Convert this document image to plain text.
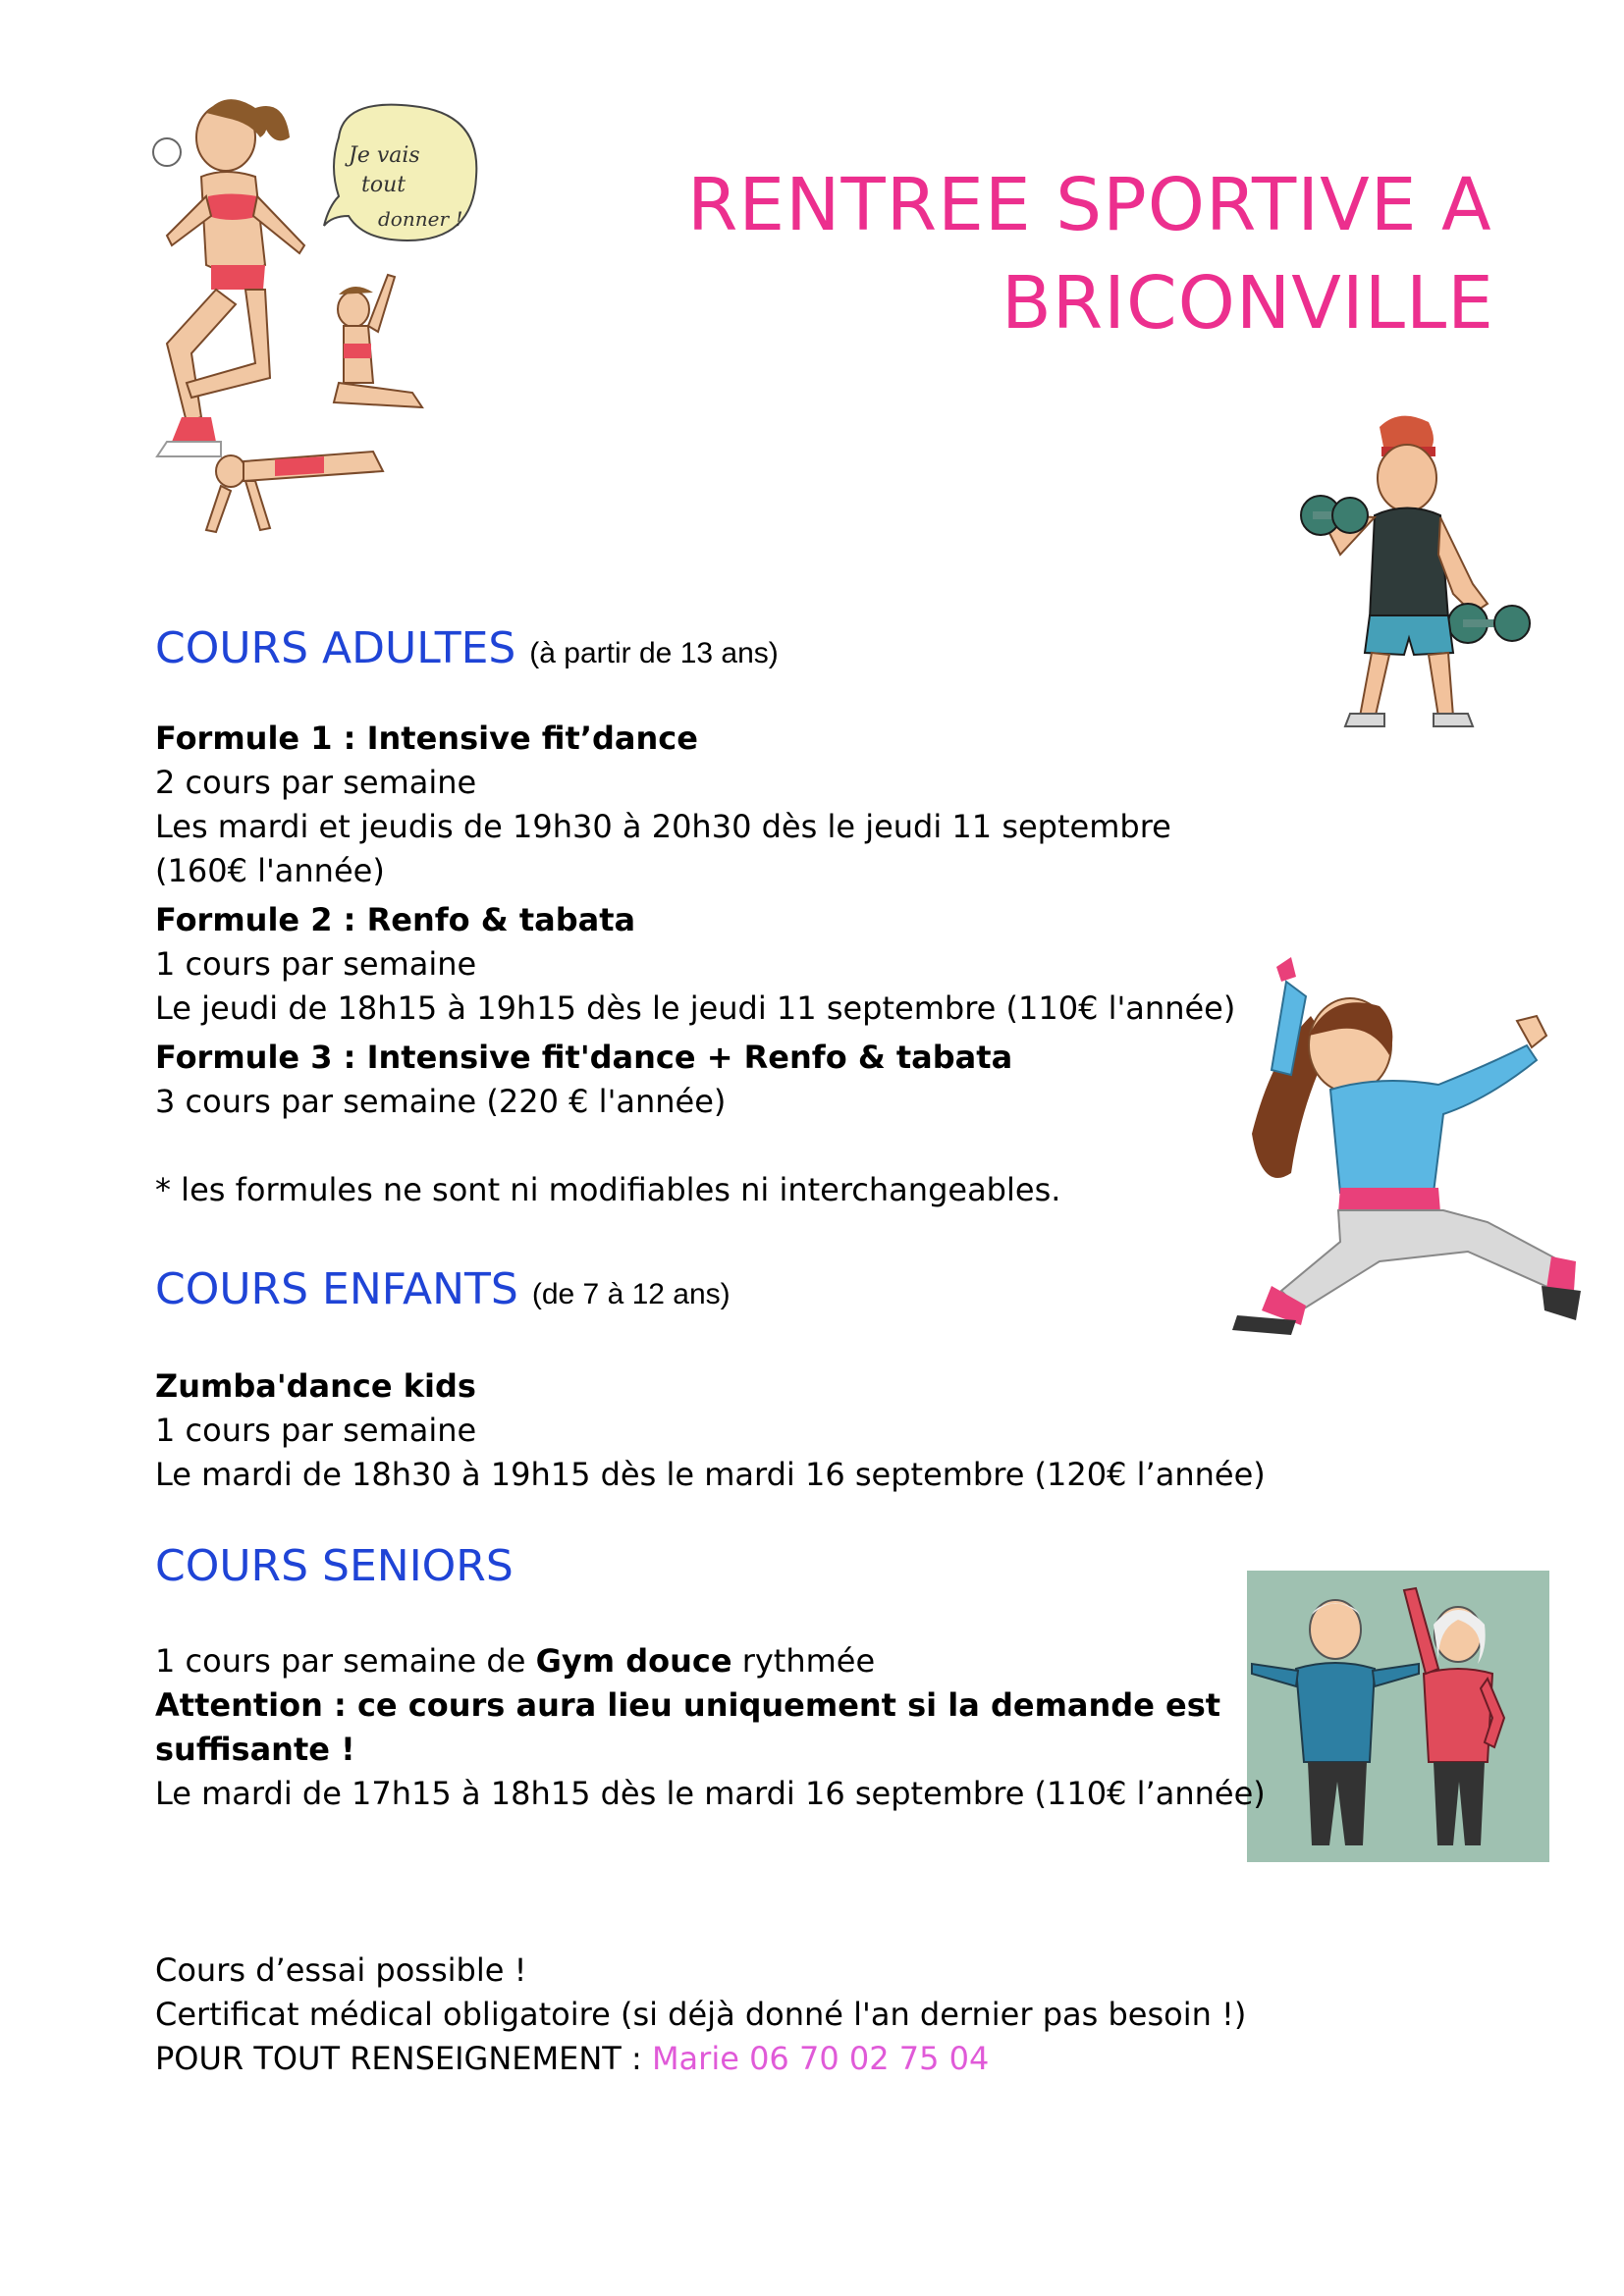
Je vais
tout
donner !	RENTREE SPORTIVE A
BRICONVILLE
COURS ADULTES (à partir de 13 ans)
Formule 1 : Intensive fit’dance
2 cours par semaine
Les mardi et jeudis de 19h30 à 20h30 dès le jeudi 11 septembre
(160€ l'année)
Formule 2 : Renfo & tabata
1 cours par semaine
Le jeudi de 18h15 à 19h15 dès le jeudi 11 septembre (110€ l'année)
Formule 3 : Intensive fit'dance + Renfo & tabata
3 cours par semaine (220 € l'année)
* les formules ne sont ni modifiables ni interchangeables.
COURS ENFANTS (de 7 à 12 ans)
Zumba'dance kids
1 cours par semaine
Le mardi de 18h30 à 19h15 dès le mardi 16 septembre (120€ l’année)
COURS SENIORS
1 cours par semaine de Gym douce rythmée
Attention : ce cours aura lieu uniquement si la demande est
suffisante !
Le mardi de 17h15 à 18h15 dès le mardi 16 septembre (110€ l’année)
Cours d’essai possible !
Certificat médical obligatoire (si déjà donné l'an dernier pas besoin !)
POUR TOUT RENSEIGNEMENT : Marie 06 70 02 75 04
